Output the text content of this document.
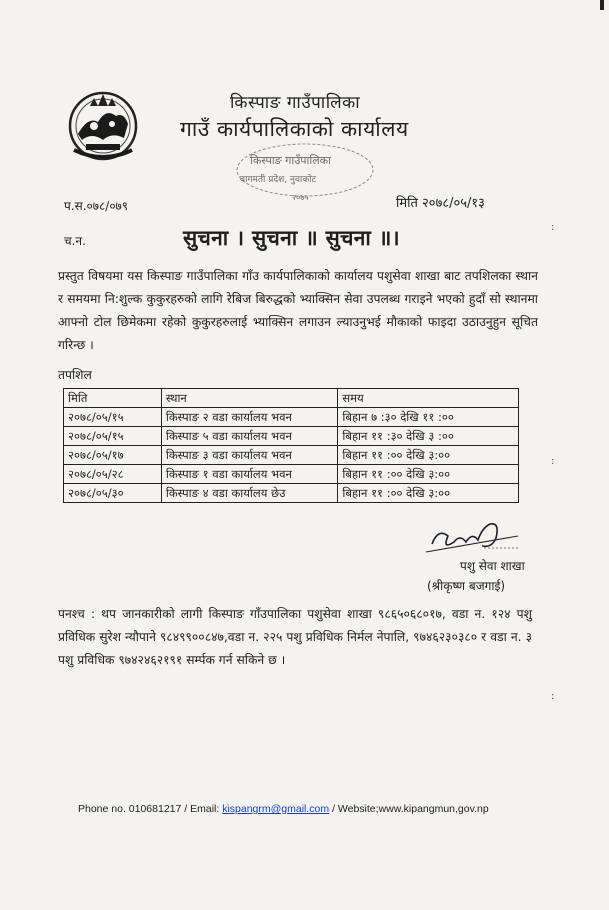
किस्पाङ गाउँपालिका
गाउँ कार्यपालिकाको कार्यालय
किस्पाङ गाउँपालिका
बागमती प्रदेश, नुवाकोट
२०७५
प.स.०७८/०७९	मिति २०७८/०५/१३
च.न.	सुचना । सुचना ॥ सुचना ॥।
प्रस्तुत विषयमा यस किस्पाङ गाउँपालिका गाँउ कार्यपालिकाको कार्यालय पशुसेवा शाखा बाट तपशिलका स्थान र समयमा नि:शुल्क कुकुरहरुको लागि रेबिज बिरुद्धको भ्याक्सिन सेवा उपलब्ध गराइने भएको हुदाँ सो स्थानमा आफ्नो टोल छिमेकमा रहेको कुकुरहरुलाई भ्याक्सिन लगाउन ल्याउनुभई मौकाको फाइदा उठाउनुहुन सूचित गरिन्छ ।
तपशिल
मिति	स्थान	समय
२०७८/०५/१५	किस्पाङ २ वडा कार्यालय भवन	बिहान ७ :३० देखि ११ :००
२०७८/०५/१५	किस्पाङ ५ वडा कार्यालय भवन	बिहान ११ :३० देखि ३ :००
२०७८/०५/१७	किस्पाङ ३ वडा कार्यालय भवन	बिहान ११ :०० देखि ३:००
२०७८/०५/२८	किस्पाङ १ वडा कार्यालय भवन	बिहान ११ :०० देखि ३:००
२०७८/०५/३०	किस्पाङ ४ वडा कार्यालय छेउ	बिहान ११ :०० देखि ३:००
पशु सेवा शाखा
(श्रीकृष्ण बजगाई)
पनश्च : थप जानकारीको लागी किस्पाङ गाँउपालिका पशुसेवा शाखा ९८६५०६८०१७, वडा न. १२४ पशु प्रविधिक सुरेश न्यौपाने ९८४९९००८४७,वडा न. २२५ पशु प्रविधिक निर्मल नेपालि, ९७४६२३०३८० र वडा न. ३ पशु प्रविधिक ९७४२४६२१९१ सर्म्पक गर्न सकिने छ ।
Phone no. 010681217 / Email: kispangrm@gmail.com / Website;www.kipangmun,gov.np
:
:
:
